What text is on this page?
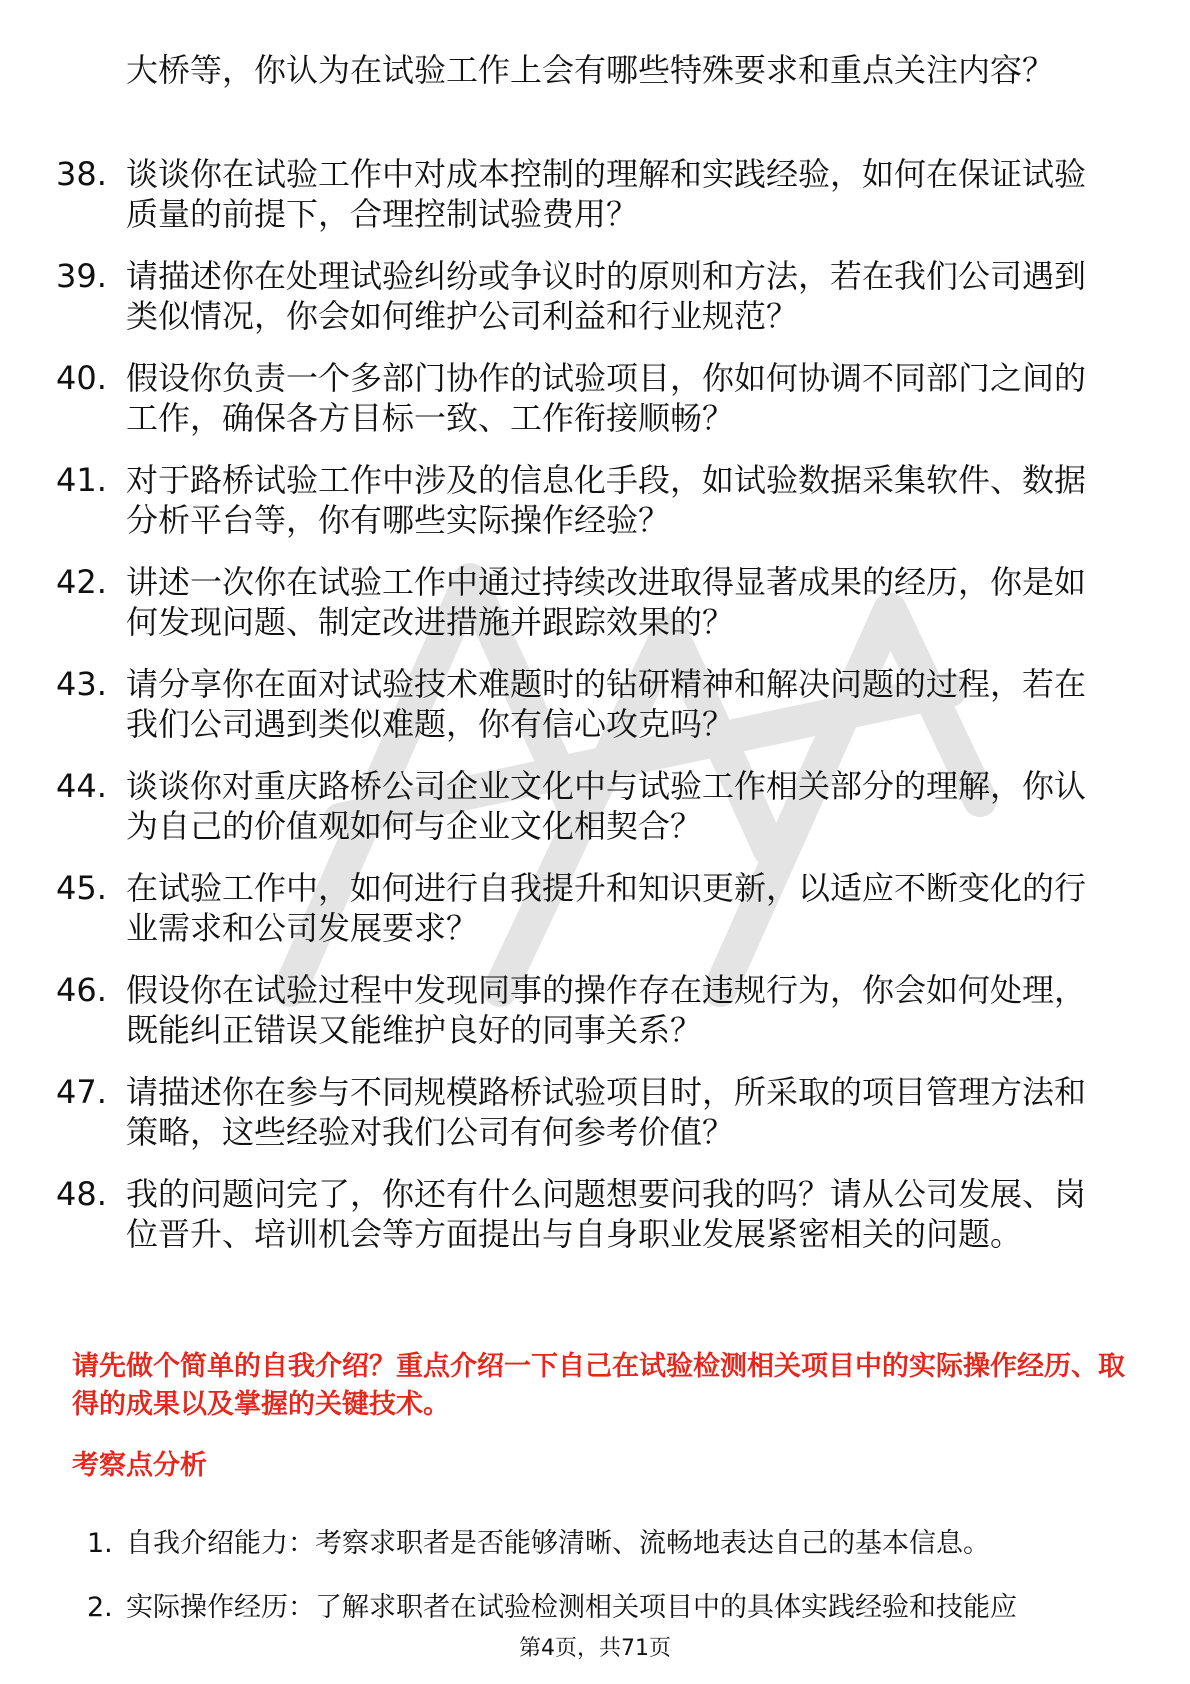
大桥等，你认为在试验工作上会有哪些特殊要求和重点关注内容？

38. 谈谈你在试验工作中对成本控制的理解和实践经验，如何在保证试验质量的前提下，合理控制试验费用？
39. 请描述你在处理试验纠纷或争议时的原则和方法，若在我们公司遇到类似情况，你会如何维护公司利益和行业规范？
40. 假设你负责一个多部门协作的试验项目，你如何协调不同部门之间的工作，确保各方目标一致、工作衔接顺畅？
41. 对于路桥试验工作中涉及的信息化手段，如试验数据采集软件、数据分析平台等，你有哪些实际操作经验？
42. 讲述一次你在试验工作中通过持续改进取得显著成果的经历，你是如何发现问题、制定改进措施并跟踪效果的？
43. 请分享你在面对试验技术难题时的钻研精神和解决问题的过程，若在我们公司遇到类似难题，你有信心攻克吗？
44. 谈谈你对重庆路桥公司企业文化中与试验工作相关部分的理解，你认为自己的价值观如何与企业文化相契合？
45. 在试验工作中，如何进行自我提升和知识更新，以适应不断变化的行业需求和公司发展要求？
46. 假设你在试验过程中发现同事的操作存在违规行为，你会如何处理，既能纠正错误又能维护良好的同事关系？
47. 请描述你在参与不同规模路桥试验项目时，所采取的项目管理方法和策略，这些经验对我们公司有何参考价值？
48. 我的问题问完了，你还有什么问题想要问我的吗？请从公司发展、岗位晋升、培训机会等方面提出与自身职业发展紧密相关的问题。

请先做个简单的自我介绍？重点介绍一下自己在试验检测相关项目中的实际操作经历、取得的成果以及掌握的关键技术。

考察点分析
1. 自我介绍能力：考察求职者是否能够清晰、流畅地表达自己的基本信息。
2. 实际操作经历：了解求职者在试验检测相关项目中的具体实践经验和技能应
第4页，共71页
